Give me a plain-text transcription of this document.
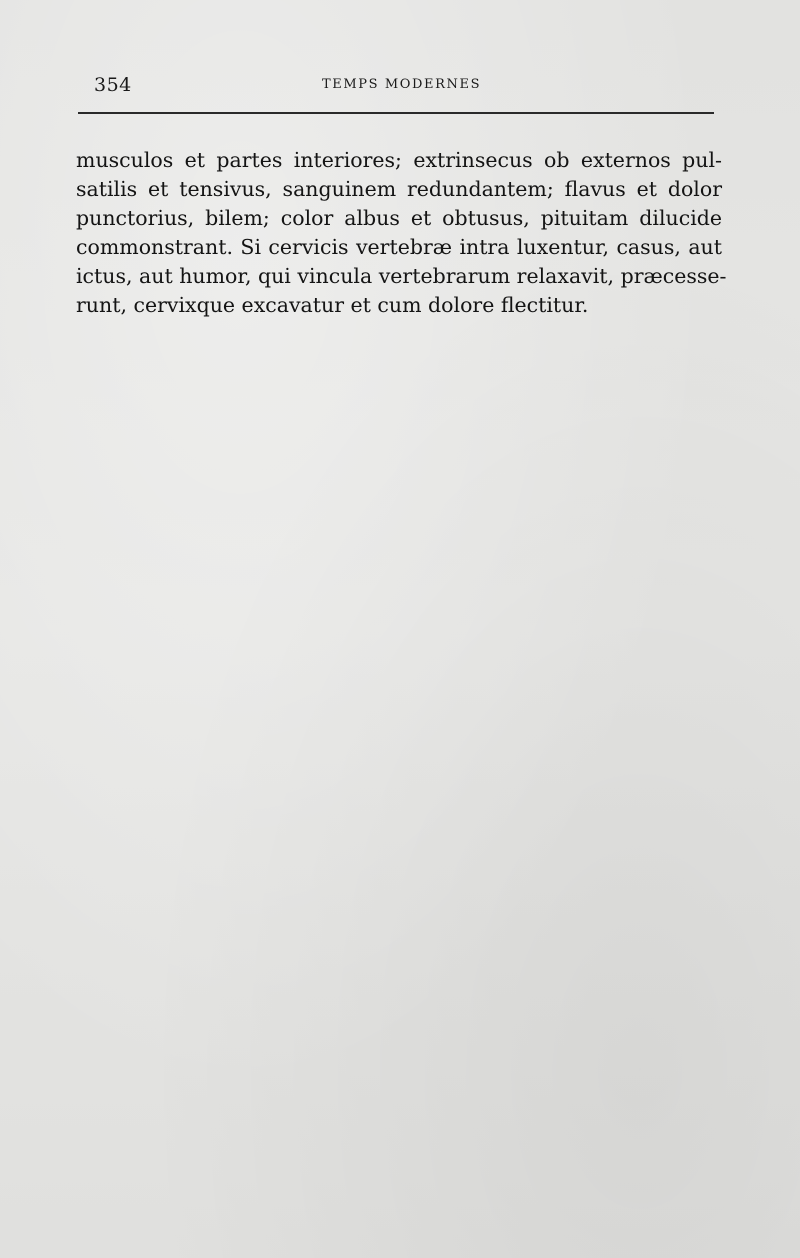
354	TEMPS MODERNES
musculos et partes interiores; extrinsecus ob externos pul-
satilis et tensivus, sanguinem redundantem; flavus et dolor
punctorius, bilem; color albus et obtusus, pituitam dilucide
commonstrant. Si cervicis vertebræ intra luxentur, casus, aut
ictus, aut humor, qui vincula vertebrarum relaxavit, præcesse-
runt, cervixque excavatur et cum dolore flectitur.
